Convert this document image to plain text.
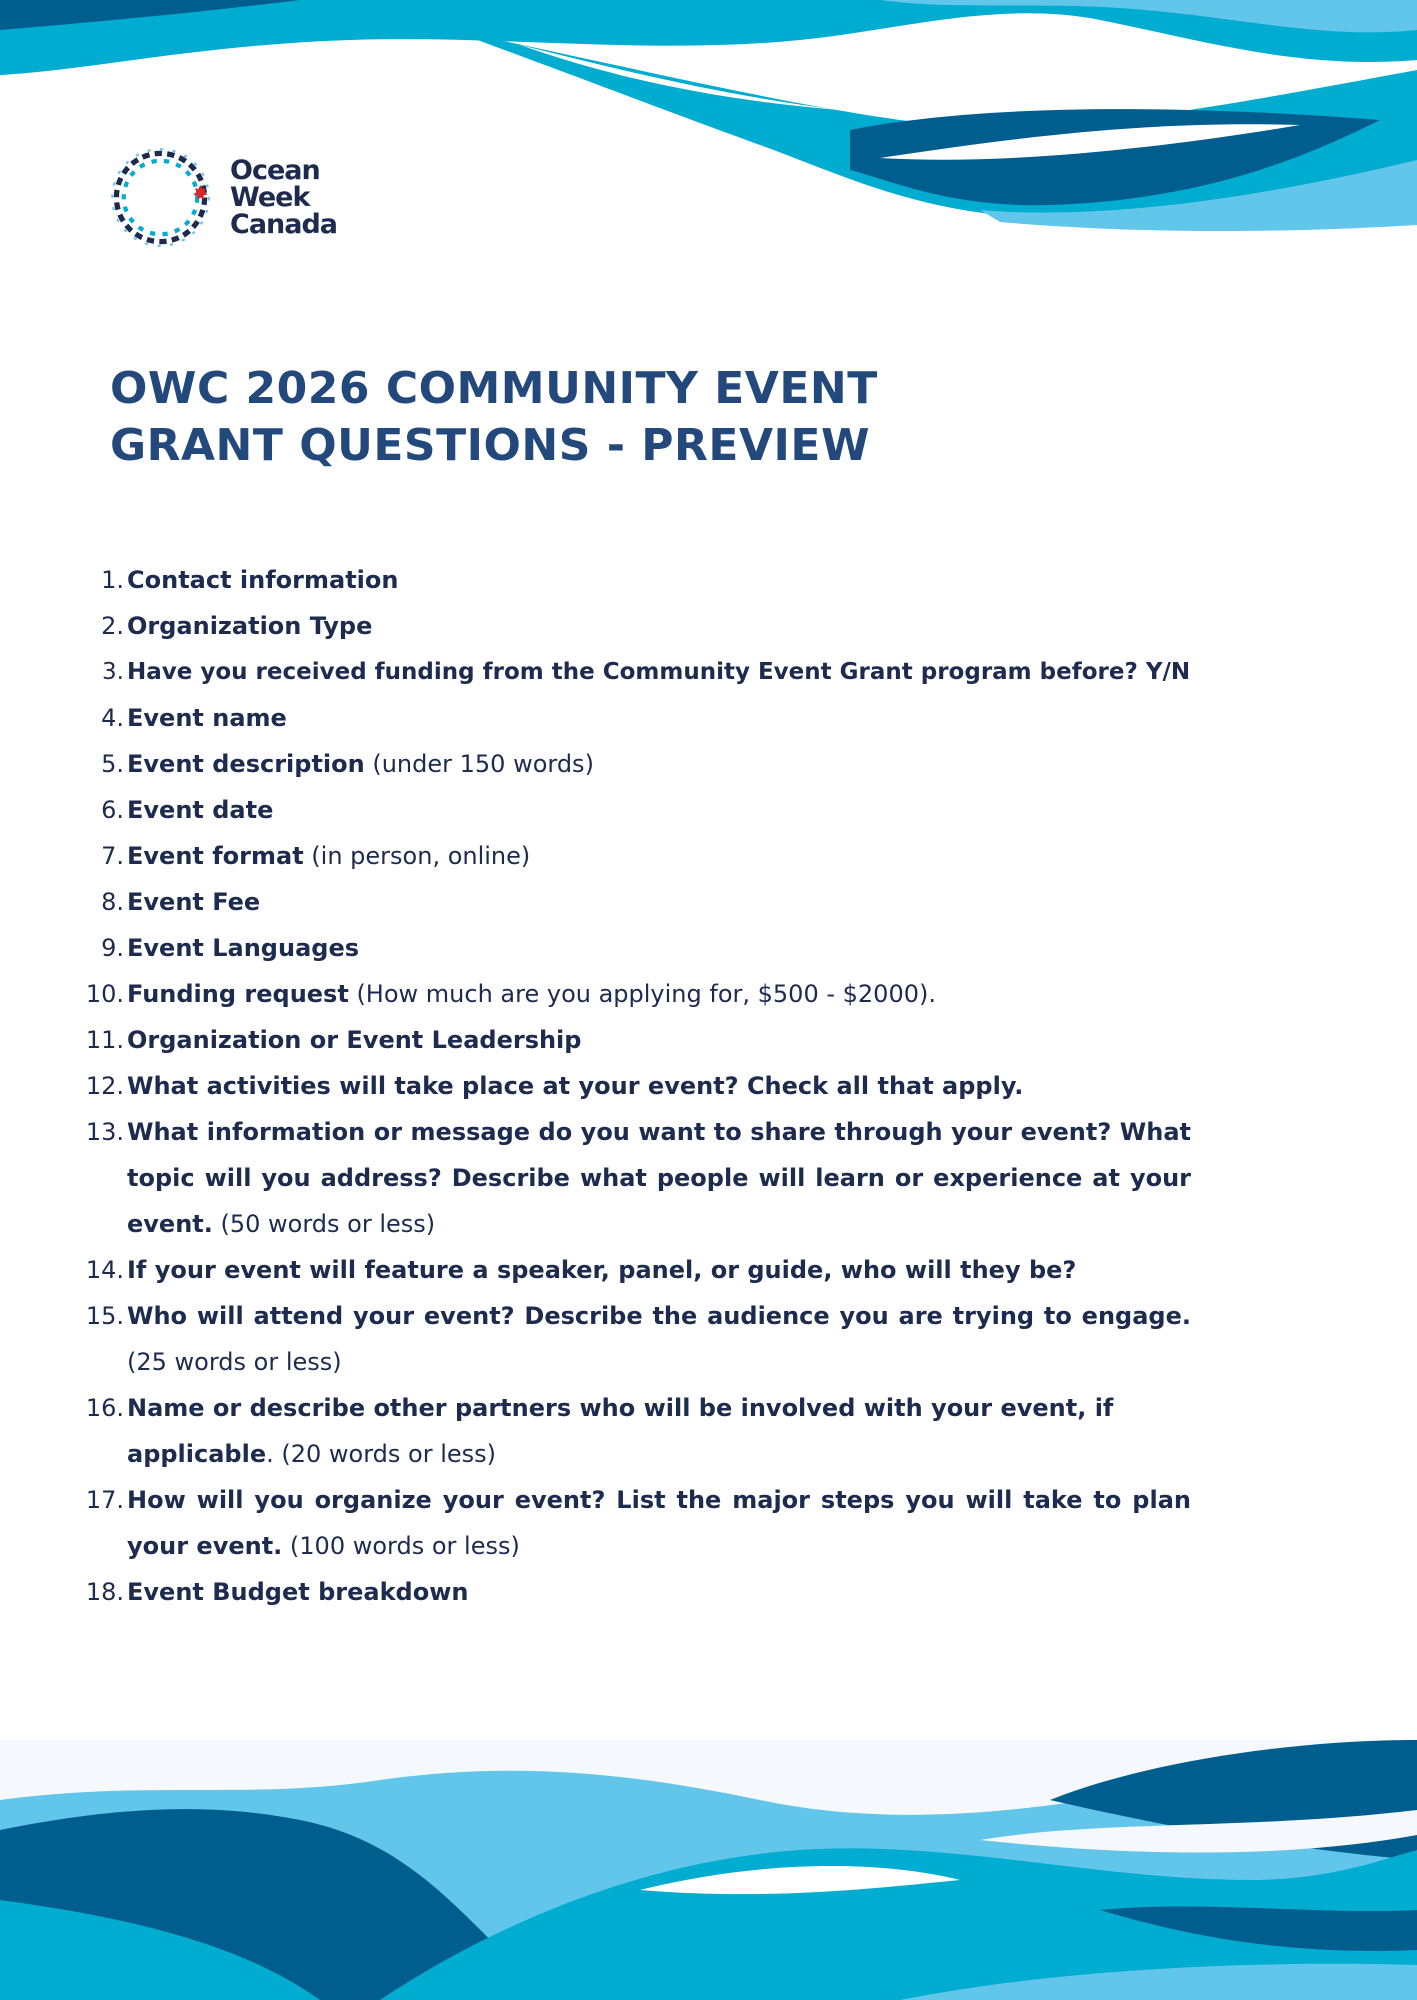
Ocean
Week
Canada
OWC 2026 COMMUNITY EVENT
GRANT QUESTIONS - PREVIEW
1. Contact information
2. Organization Type
3. Have you received funding from the Community Event Grant program before? Y/N
4. Event name
5. Event description (under 150 words)
6. Event date
7. Event format (in person, online)
8. Event Fee
9. Event Languages
10. Funding request (How much are you applying for, $500 - $2000).
11. Organization or Event Leadership
12. What activities will take place at your event? Check all that apply.
13. What information or message do you want to share through your event? What topic will you address? Describe what people will learn or experience at your event. (50 words or less)
14. If your event will feature a speaker, panel, or guide, who will they be?
15. Who will attend your event? Describe the audience you are trying to engage. (25 words or less)
16. Name or describe other partners who will be involved with your event, if applicable. (20 words or less)
17. How will you organize your event? List the major steps you will take to plan your event. (100 words or less)
18. Event Budget breakdown
